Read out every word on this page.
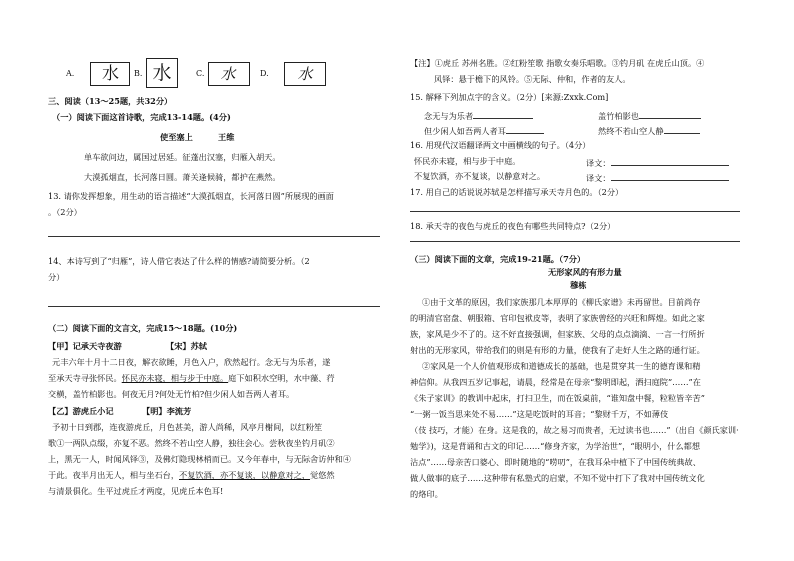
A. 水 B. 水	C. 水	D. 水
三、阅读（13～25题，共32分）
（一）阅读下面这首诗歌，完成13-14题。(4分)
使至塞上	王维
单车欲问边，属国过居延。征蓬出汉塞，归雁入胡天。
大漠孤烟直，长河落日圆。萧关逢候骑，都护在燕然。
13. 请你发挥想象，用生动的语言描述“大漠孤烟直，长河落日圆”所展现的画面
。（2分）
14、本诗写到了“归雁”，诗人借它表达了什么样的情感?请简要分析。（2
分）
（二）阅读下面的文言文，完成15～18题。(10分)
【甲】记承天寺夜游	【宋】苏轼
元丰六年十月十二日夜，解衣欲睡，月色入户，欣然起行。念无与为乐者，遂
至承天寺寻张怀民。怀民亦未寝，相与步于中庭。庭下如积水空明，水中藻、荇
交横，盖竹柏影也。何夜无月?何处无竹柏?但少闲人如吾两人者耳。
【乙】游虎丘小记	【明】李流芳
予初十日到郡，连夜游虎丘，月色甚美，游人尚稀，风亭月榭间，以红粉笙
歌①一两队点缀，亦复不恶。然终不若山空人静，独往会心。尝秋夜坐钓月矶②
上，黑无一人，时闻风铎③，及佛灯隐现林梢而已。又今年春中，与无际舍访仲和④
于此。夜半月出无人，相与坐石台，不复饮酒，亦不复谈，以静意对之，觉悠然
与清景俱化。生平过虎丘才两度，见虎丘本色耳!
【注】①虎丘 苏州名胜。②红粉笙歌 指歌女奏乐唱歌。③钓月矶 在虎丘山顶。④
风铎：悬于檐下的风铃。⑤无际、仲和，作者的友人。
15. 解释下列加点字的含义。（2分）[来源:Zxxk.Com]
念无与为乐者	盖竹柏影也
但少闲人如吾两人者耳	然终不若山空人静
16. 用现代汉语翻译两文中画横线的句子。（4分）
怀民亦未寝，相与步于中庭。	译文：
不复饮酒，亦不复谈，以静意对之。	译文：
17. 用自己的话说说苏轼是怎样描写承天寺月色的。（2分）
18. 承天寺的夜色与虎丘的夜色有哪些共同特点?（2分）
（三）阅读下面的文章，完成19-21题。（7分）
无形家风的有形力量
穆栋
①由于文革的原因，我们家族那几本厚厚的《柳氏家谱》未再留世。目前尚存
的明清官窑盘、朝服箱、官印包袱皮等，表明了家族曾经的兴旺和辉煌。如此之家
族，家风是少不了的。这不好直接强调，但家族、父母的点点滴滴、一言一行所折
射出的无形家风，带给我们的则是有形的力量，使我有了走好人生之路的通行证。
②家风是一个人价值观形成和道德成长的基础，也是贯穿其一生的德育课和精
神信仰。从我四五岁记事起，请晨，经常是在母亲“黎明即起，洒扫庭院”……”在
《朱子家训》的教训中起床，打扫卫生，而在饭桌前，“谁知盘中餐，粒粒皆辛苦”
“一粥一饭当思来处不易……”这是吃饭时的耳音；“黎财千万，不如薄伎
（伎 技巧，才能）在身。这是我的，故之易习而贵者，无过读书也……”（出自《颜氏家训·
勉学》)，这是背诵和古文的印记……“修身齐家，为学治世”，“眼明小，什么都想
沾点”……母亲苦口婆心、即时随地的“唠叨”，在我耳朵中植下了中国传统典故、
做人做事的底子……这种带有私塾式的启蒙，不知不觉中打下了我对中国传统文化
的烙印。
